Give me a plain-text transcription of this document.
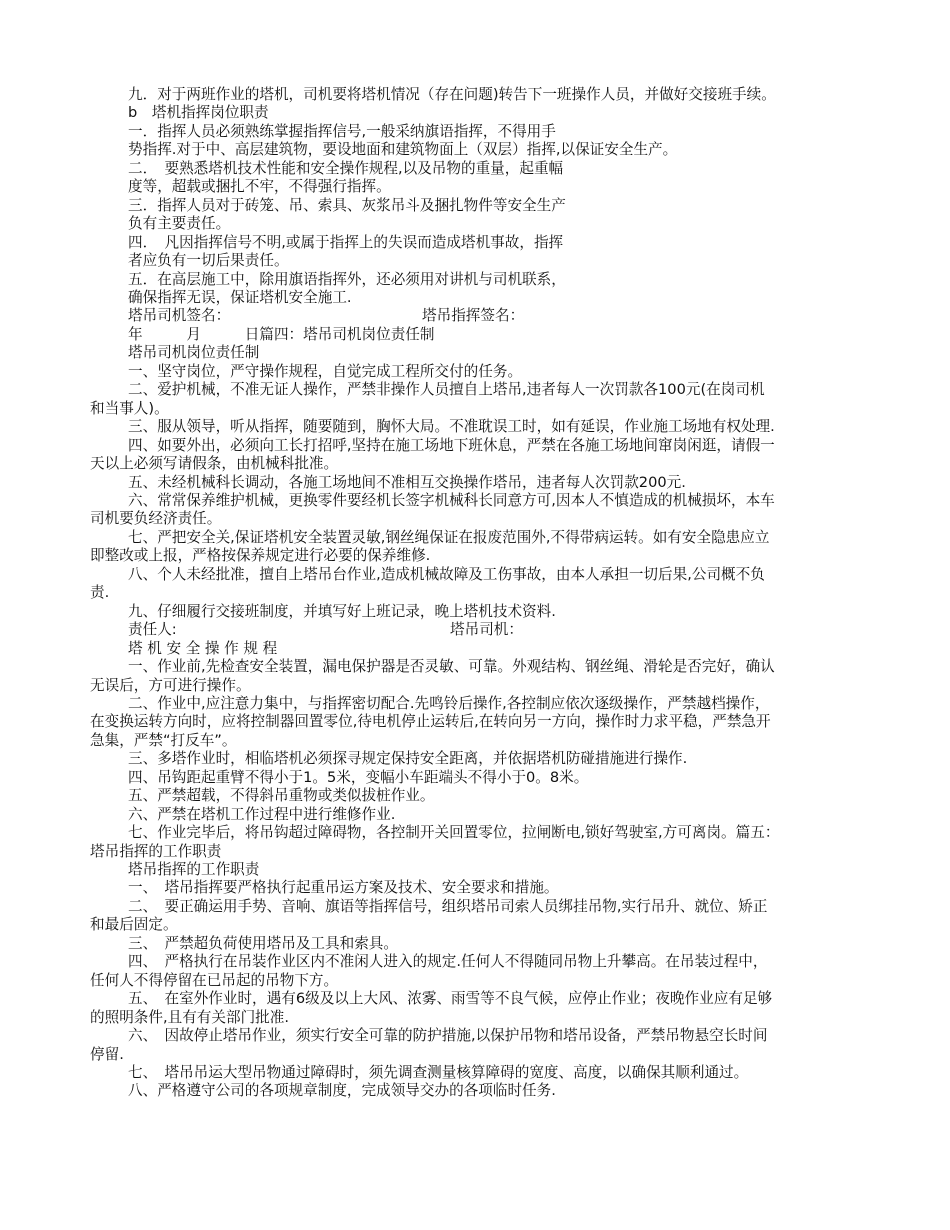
九．对于两班作业的塔机，司机要将塔机情况（存在问题)转告下一班操作人员，并做好交接班手续。

b　塔机指挥岗位职责

一．指挥人员必须熟练掌握指挥信号,一般采纳旗语指挥，不得用手

势指挥.对于中、高层建筑物，要设地面和建筑物面上（双层）指挥,以保证安全生产。

二．　要熟悉塔机技术性能和安全操作规程,以及吊物的重量，起重幅

度等，超载或捆扎不牢，不得强行指挥。

三．指挥人员对于砖笼、吊、索具、灰浆吊斗及捆扎物件等安全生产

负有主要责任。

四．　凡因指挥信号不明,或属于指挥上的失误而造成塔机事故，指挥

者应负有一切后果责任。

五．在高层施工中，除用旗语指挥外，还必须用对讲机与司机联系，

确保指挥无误，保证塔机安全施工.

塔吊司机签名：	塔吊指挥签名：

年　　　月　　　日篇四：塔吊司机岗位责任制

塔吊司机岗位责任制

一、坚守岗位，严守操作规程，自觉完成工程所交付的任务。

二、爱护机械，不准无证人操作，严禁非操作人员擅自上塔吊,违者每人一次罚款各100元(在岗司机

和当事人)。

三、服从领导，听从指挥，随要随到，胸怀大局。不准耽误工时，如有延误，作业施工场地有权处理.

四、如要外出，必须向工长打招呼,坚持在施工场地下班休息，严禁在各施工场地间窜岗闲逛，请假一

天以上必须写请假条，由机械科批准。

五、未经机械科长调动，各施工场地间不准相互交换操作塔吊，违者每人次罚款200元.

六、常常保养维护机械，更换零件要经机长签字机械科长同意方可,因本人不慎造成的机械损坏，本车

司机要负经济责任。

七、严把安全关,保证塔机安全装置灵敏,钢丝绳保证在报废范围外,不得带病运转。如有安全隐患应立

即整改或上报，严格按保养规定进行必要的保养维修.

八、个人未经批准，擅自上塔吊台作业,造成机械故障及工伤事故，由本人承担一切后果,公司概不负

责.

九、仔细履行交接班制度，并填写好上班记录，晚上塔机技术资料.

责任人:	塔吊司机：

塔 机 安 全 操 作 规 程

一、作业前,先检查安全装置，漏电保护器是否灵敏、可靠。外观结构、钢丝绳、滑轮是否完好，确认

无误后，方可进行操作。

二、作业中,应注意力集中，与指挥密切配合.先鸣铃后操作,各控制应依次逐级操作，严禁越档操作，

在变换运转方向时，应将控制器回置零位,待电机停止运转后,在转向另一方向，操作时力求平稳，严禁急开

急集，严禁“打反车”。

三、多塔作业时，相临塔机必须探寻规定保持安全距离，并依据塔机防碰措施进行操作.

四、吊钩距起重臂不得小于1。5米，变幅小车距端头不得小于0。8米。

五、严禁超载，不得斜吊重物或类似拔桩作业。

六、严禁在塔机工作过程中进行维修作业.

七、作业完毕后，将吊钩超过障碍物，各控制开关回置零位，拉闸断电,锁好驾驶室,方可离岗。篇五：

塔吊指挥的工作职责

塔吊指挥的工作职责

一、　塔吊指挥要严格执行起重吊运方案及技术、安全要求和措施。

二、　要正确运用手势、音响、旗语等指挥信号，组织塔吊司索人员绑挂吊物,实行吊升、就位、矫正

和最后固定。

三、　严禁超负荷使用塔吊及工具和索具。

四、　严格执行在吊装作业区内不准闲人进入的规定.任何人不得随同吊物上升攀高。在吊装过程中，

任何人不得停留在已吊起的吊物下方。

五、　在室外作业时，遇有6级及以上大风、浓雾、雨雪等不良气候，应停止作业；夜晚作业应有足够

的照明条件,且有有关部门批准.

六、　因故停止塔吊作业，须实行安全可靠的防护措施,以保护吊物和塔吊设备，严禁吊物悬空长时间

停留.

七、　塔吊吊运大型吊物通过障碍时，须先调查测量核算障碍的宽度、高度，以确保其顺利通过。

八、严格遵守公司的各项规章制度，完成领导交办的各项临时任务.
